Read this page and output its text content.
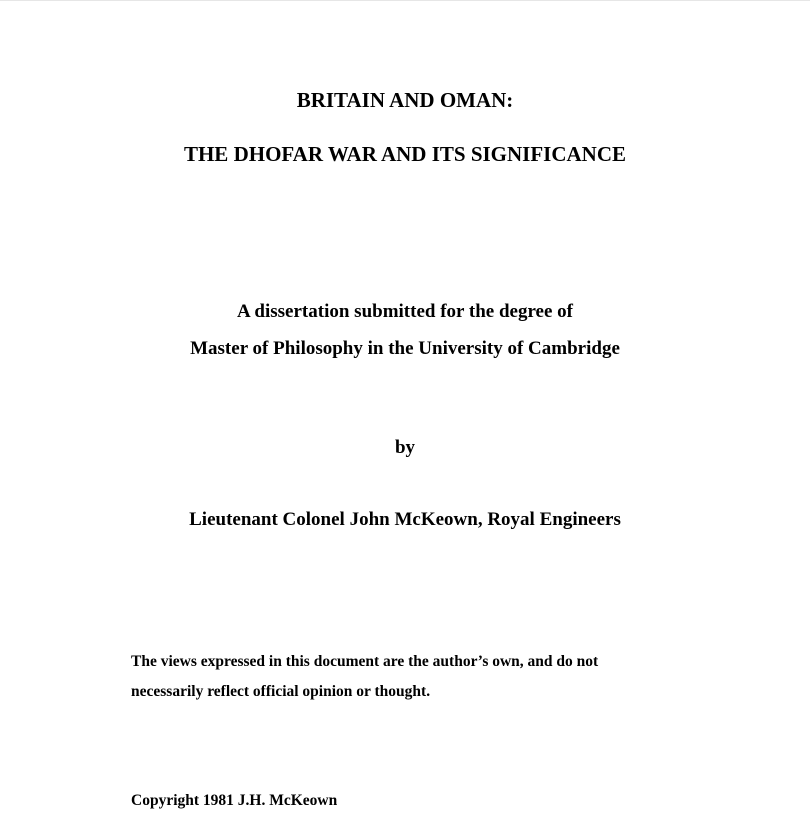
BRITAIN AND OMAN:
THE DHOFAR WAR AND ITS SIGNIFICANCE
A dissertation submitted for the degree of
Master of Philosophy in the University of Cambridge
by
Lieutenant Colonel John McKeown, Royal Engineers
The views expressed in this document are the author’s own, and do not
necessarily reflect official opinion or thought.
Copyright 1981 J.H. McKeown
